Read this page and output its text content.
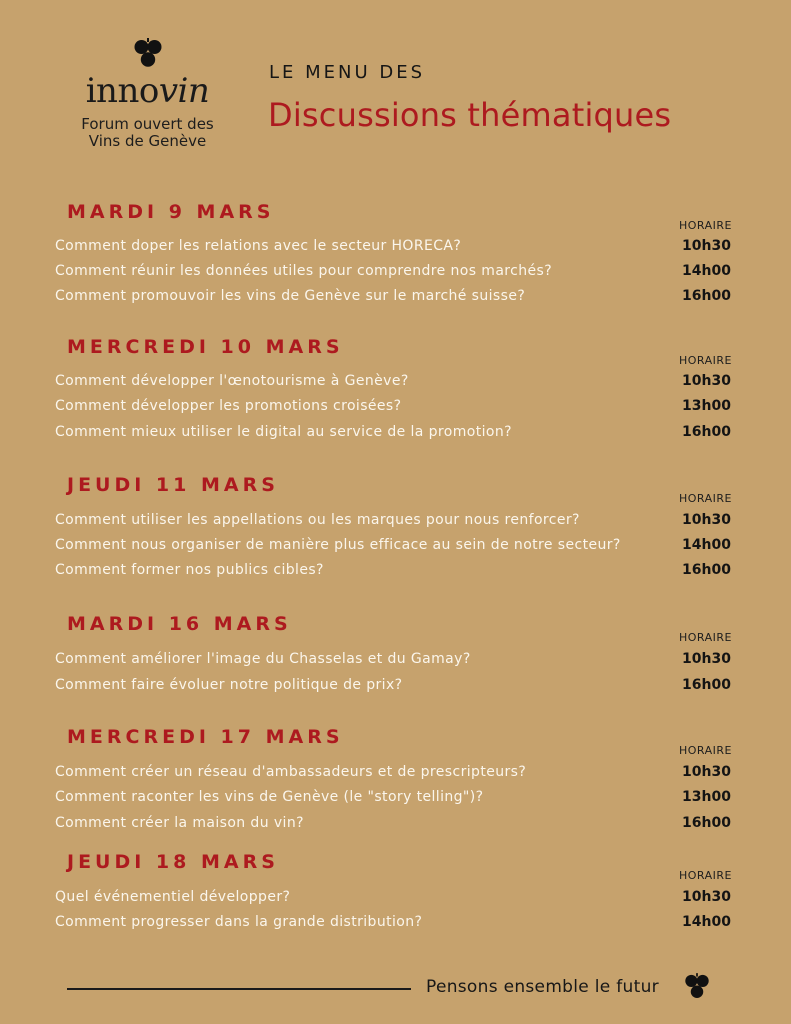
innovin
Forum ouvert des
Vins de Genève
LE MENU DES
Discussions thématiques
MARDI 9 MARS
HORAIRE
Comment doper les relations avec le secteur HORECA?	10h30
Comment réunir les données utiles pour comprendre nos marchés?	14h00
Comment promouvoir les vins de Genève sur le marché suisse?	16h00
MERCREDI 10 MARS
HORAIRE
Comment développer l'œnotourisme à Genève?	10h30
Comment développer les promotions croisées?	13h00
Comment mieux utiliser le digital au service de la promotion?	16h00
JEUDI 11 MARS
HORAIRE
Comment utiliser les appellations ou les marques pour nous renforcer?	10h30
Comment nous organiser de manière plus efficace au sein de notre secteur?	14h00
Comment former nos publics cibles?	16h00
MARDI 16 MARS
HORAIRE
Comment améliorer l'image du Chasselas et du Gamay?	10h30
Comment faire évoluer notre politique de prix?	16h00
MERCREDI 17 MARS
HORAIRE
Comment créer un réseau d'ambassadeurs et de prescripteurs?	10h30
Comment raconter les vins de Genève (le "story telling")?	13h00
Comment créer la maison du vin?	16h00
JEUDI 18 MARS
HORAIRE
Quel événementiel développer?	10h30
Comment progresser dans la grande distribution?	14h00
Pensons ensemble le futur
